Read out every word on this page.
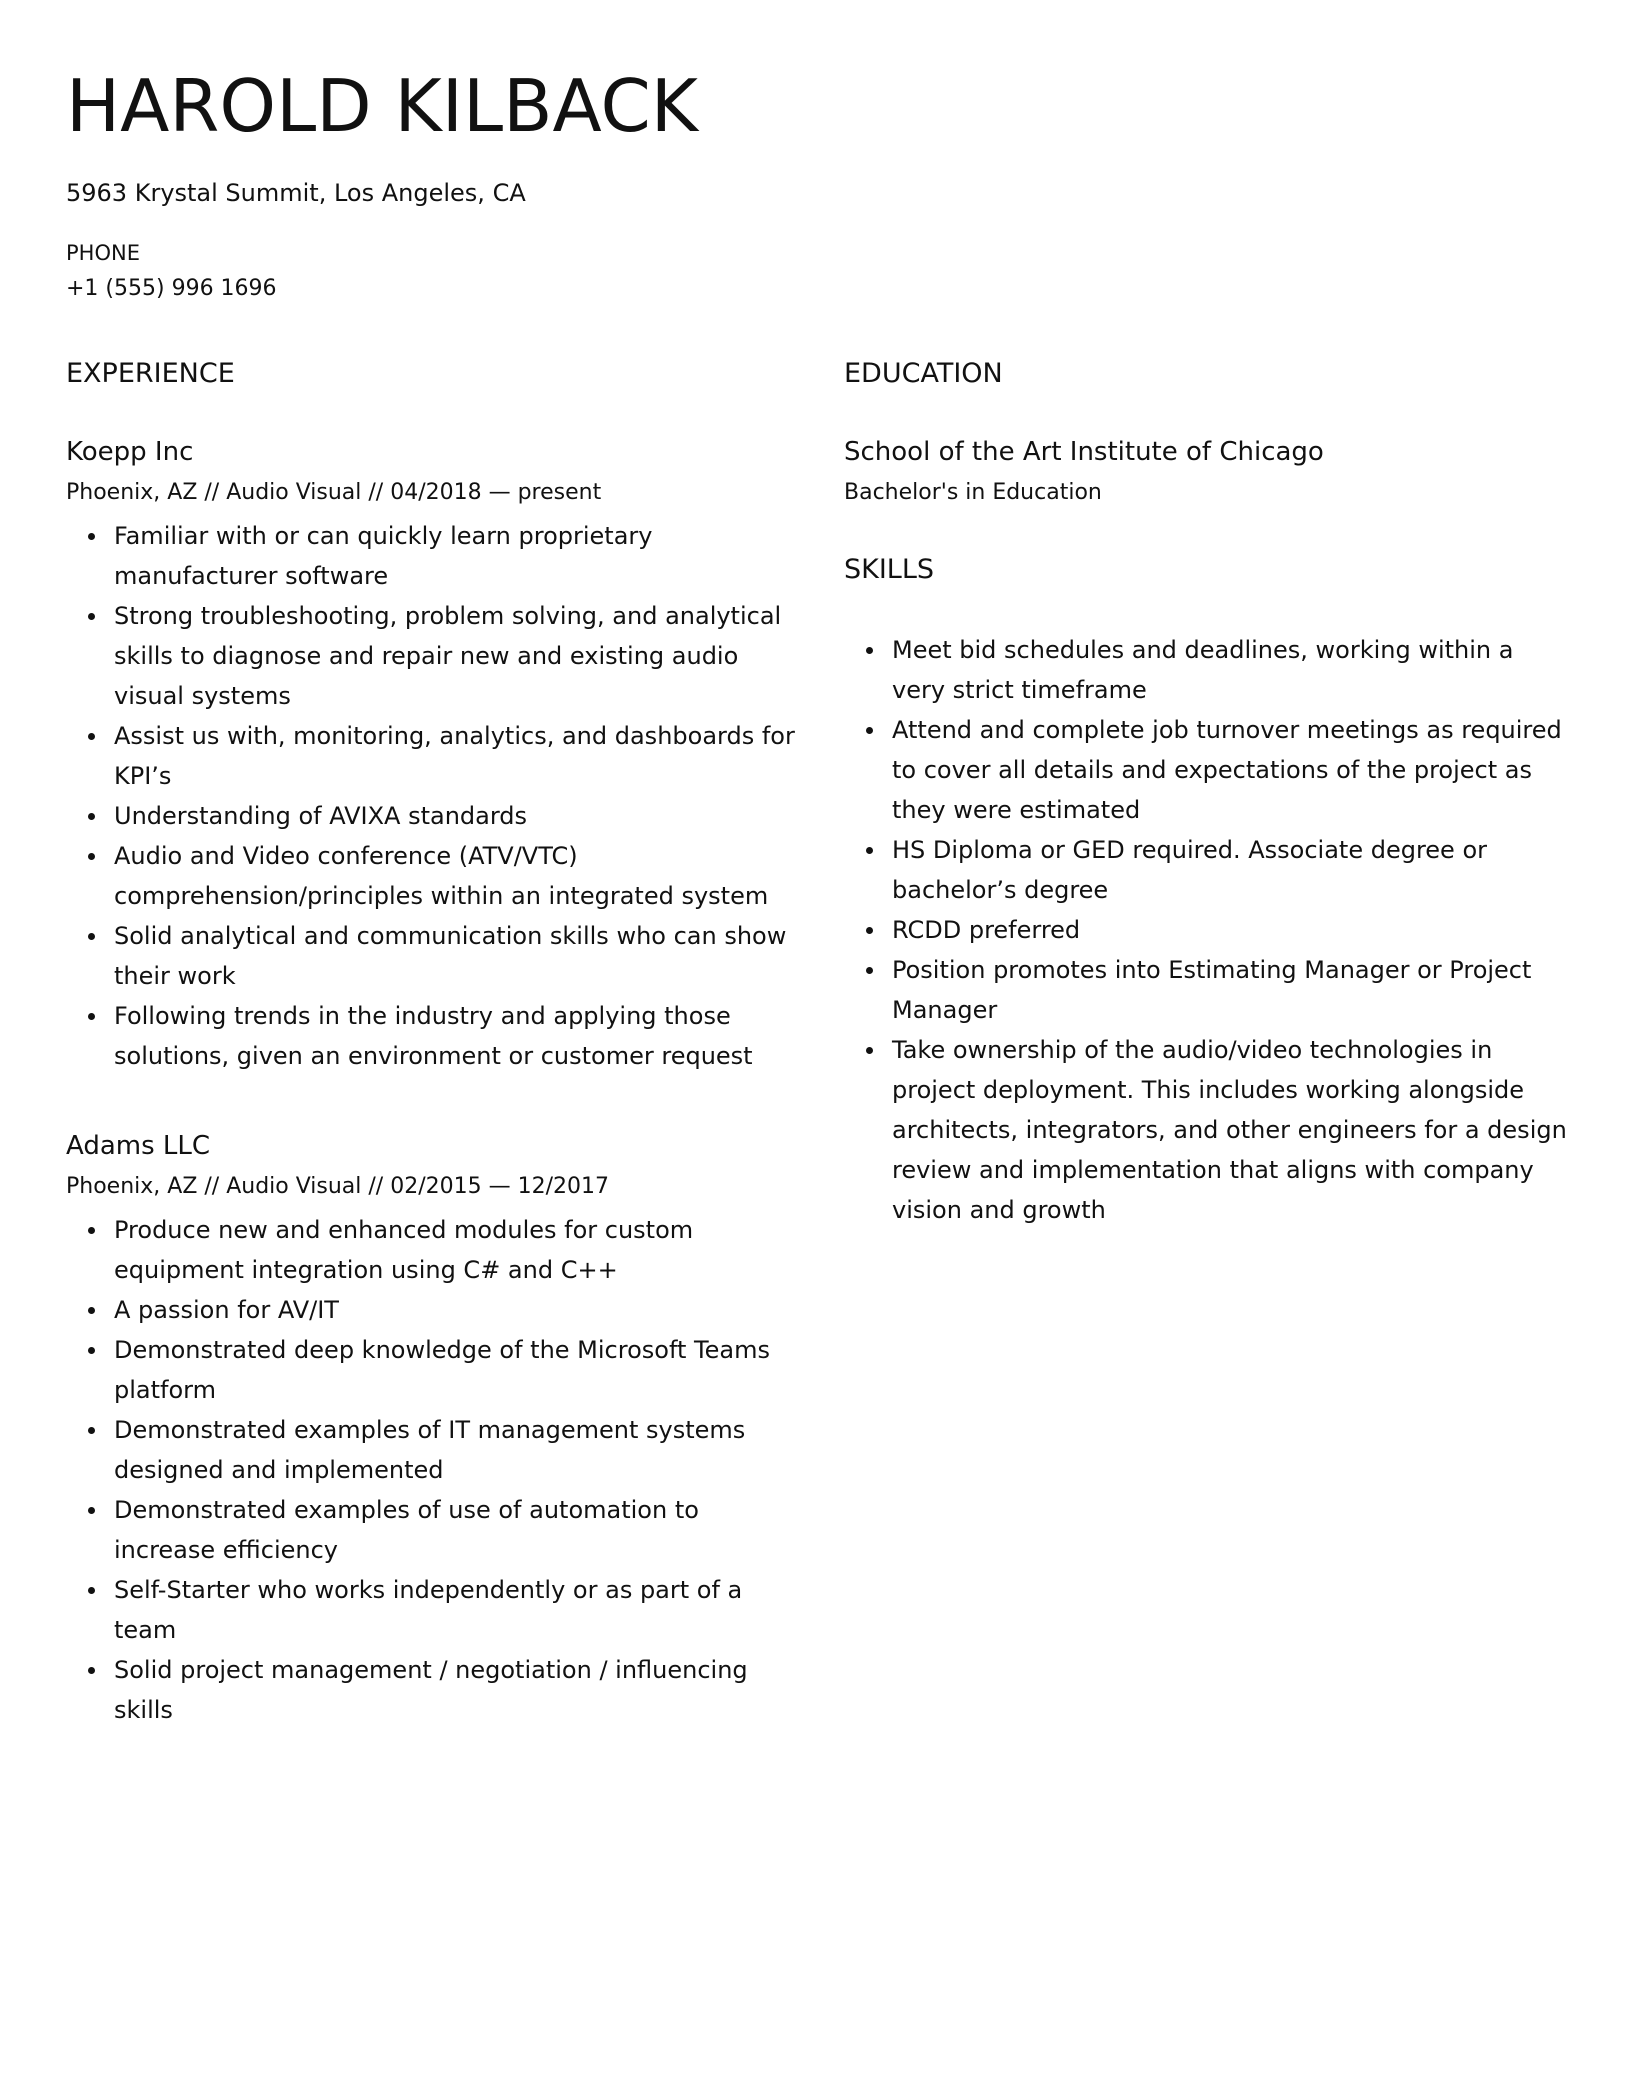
HAROLD KILBACK
5963 Krystal Summit, Los Angeles, CA
PHONE
+1 (555) 996 1696
EXPERIENCE
Koepp Inc
Phoenix, AZ // Audio Visual // 04/2018 — present
Familiar with or can quickly learn proprietary manufacturer software
Strong troubleshooting, problem solving, and analytical skills to diagnose and repair new and existing audio visual systems
Assist us with, monitoring, analytics, and dashboards for KPI’s
Understanding of AVIXA standards
Audio and Video conference (ATV/VTC) comprehension/principles within an integrated system
Solid analytical and communication skills who can show their work
Following trends in the industry and applying those solutions, given an environment or customer request
Adams LLC
Phoenix, AZ // Audio Visual // 02/2015 — 12/2017
Produce new and enhanced modules for custom equipment integration using C# and C++
A passion for AV/IT
Demonstrated deep knowledge of the Microsoft Teams platform
Demonstrated examples of IT management systems designed and implemented
Demonstrated examples of use of automation to increase efficiency
Self-Starter who works independently or as part of a team
Solid project management / negotiation / influencing skills
EDUCATION
School of the Art Institute of Chicago
Bachelor's in Education
SKILLS
Meet bid schedules and deadlines, working within a very strict timeframe
Attend and complete job turnover meetings as required to cover all details and expectations of the project as they were estimated
HS Diploma or GED required. Associate degree or bachelor’s degree
RCDD preferred
Position promotes into Estimating Manager or Project Manager
Take ownership of the audio/video technologies in project deployment. This includes working alongside architects, integrators, and other engineers for a design review and implementation that aligns with company vision and growth
